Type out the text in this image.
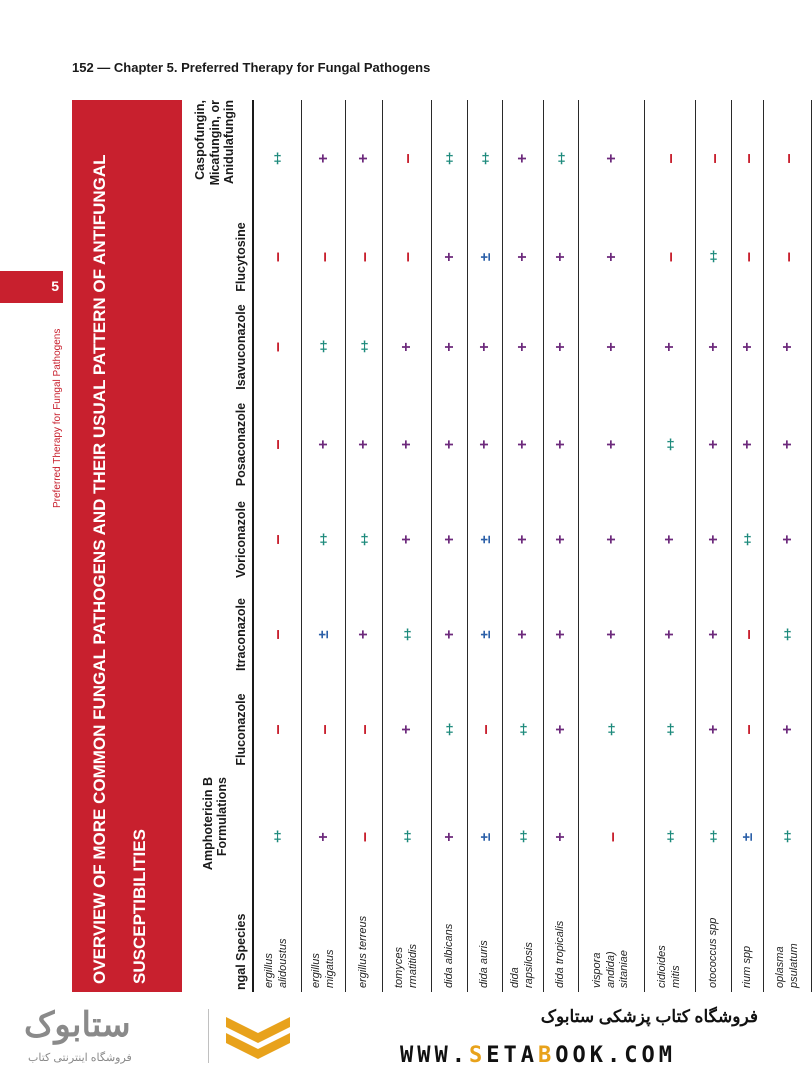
152 — Chapter 5. Preferred Therapy for Fungal Pathogens
5
Preferred Therapy for Fungal Pathogens OVERVIEW OF MORE COMMON FUNGAL PATHOGENS AND THEIR USUAL PATTERN OF ANTIFUNGAL SUSCEPTIBILITIES	ngal Species
Amphotericin B Formulations
Fluconazole
Itraconazole
Voriconazole
Posaconazole
Isavuconazole
Flucytosine
Caspofungin, Micafungin, or Anidulafungin
ergillus alidoustus
‡
–
–
–
–
–
–
‡
ergillus migatus
+
–
±
‡
+
‡
–
+
ergillus terreus
–
–
+
‡
+
‡
–
+
tomyces rmatitidis
‡
+
‡
+
+
+
–
–
dida albicans
+
‡
+
+
+
+
+
‡
dida auris
±
–
±
±
+
+
±
‡
dida rapsilosis
‡
‡
+
+
+
+
+
+
dida tropicalis
+
+
+
+
+
+
+
‡
vispora andida) sitaniae
–
‡
+
+
+
+
+
+
cidioides mitis
‡
‡
+
+
‡
+
–
–
otococcus spp
‡
+
+
+
+
+
‡
–
rium spp
±
–
–
‡
+
+
–
–
oplasma psulatum
‡
+
‡
+
+
+
–
–
ستابوک
فروشگاه اینترنتی کتاب
فروشگاه کتاب پزشکی ستابوک
WWW.SETABOOK.COM
